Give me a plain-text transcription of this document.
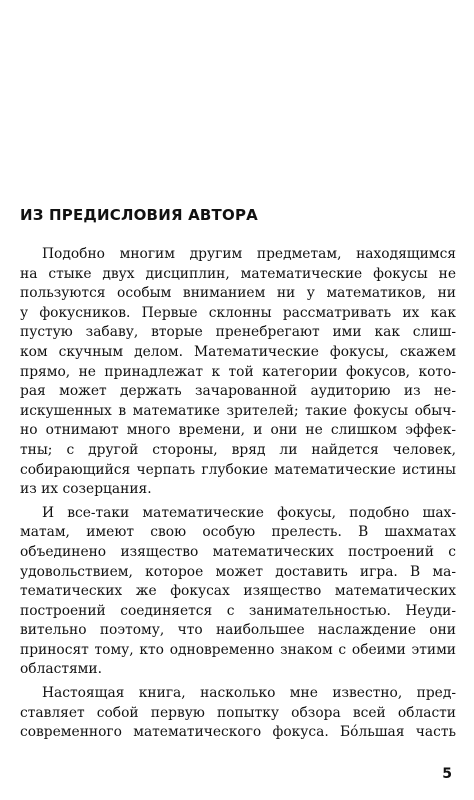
ИЗ ПРЕДИСЛОВИЯ АВТОРА
Подобно многим другим предметам, находящимся
на стыке двух дисциплин, математические фокусы не
пользуются особым вниманием ни у математиков, ни
у фокусников. Первые склонны рассматривать их как
пустую забаву, вторые пренебрегают ими как слиш-
ком скучным делом. Математические фокусы, скажем
прямо, не принадлежат к той категории фокусов, кото-
рая может держать зачарованной аудиторию из не-
искушенных в математике зрителей; такие фокусы обыч-
но отнимают много времени, и они не слишком эффек-
тны; с другой стороны, вряд ли найдется человек,
собирающийся черпать глубокие математические истины
из их созерцания.
И все-таки математические фокусы, подобно шах-
матам, имеют свою особую прелесть. В шахматах
объединено изящество математических построений с
удовольствием, которое может доставить игра. В ма-
тематических же фокусах изящество математических
построений соединяется с занимательностью. Неуди-
вительно поэтому, что наибольшее наслаждение они
приносят тому, кто одновременно знаком с обеими этими
областями.
Настоящая книга, насколько мне известно, пред-
ставляет собой первую попытку обзора всей области
современного математического фокуса. Бóльшая часть
5
